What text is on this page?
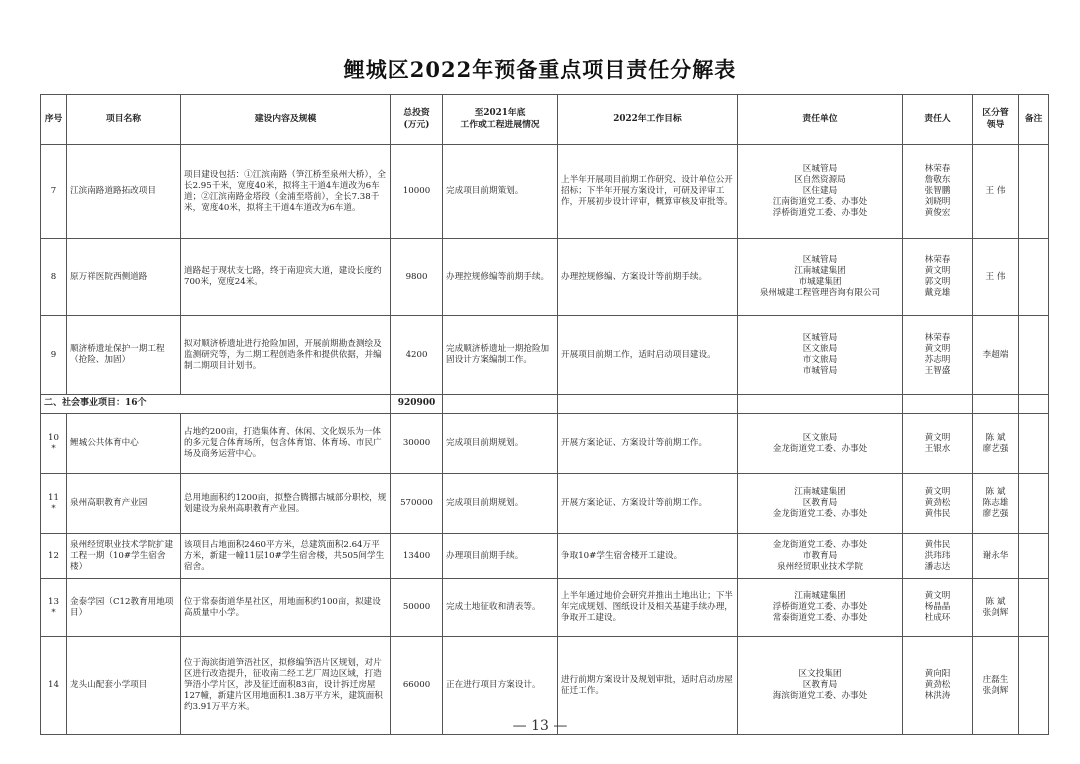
鲤城区2022年预备重点项目责任分解表
序号	项目名称	建设内容及规模	总投资
(万元)	至2021年底
工作或工程进展情况	2022年工作目标	责任单位	责任人	区分管
领导	备注

7	江滨南路道路拓改项目	项目建设包括：①江滨南路（笋江桥至泉州大桥），全长2.95千米，宽度40米，拟将主干道4车道改为6车道；②江滨南路金塔段（金浦至塔前），全长7.38千米，宽度40米，拟将主干道4车道改为6车道。	10000	完成项目前期策划。	上半年开展项目前期工作研究、设计单位公开招标；下半年开展方案设计，可研及评审工作，开展初步设计评审，概算审核及审批等。	区城管局
区自然资源局
区住建局
江南街道党工委、办事处
浮桥街道党工委、办事处	林荣春
詹敬东
张智鹏
刘晓明
黄俊宏	王 伟	

8	原万祥医院西侧道路	道路起于现状支七路，终于南迎宾大道，建设长度约700米，宽度24米。	9800	办理控规修编等前期手续。	办理控规修编、方案设计等前期手续。	区城管局
江南城建集团
市城建集团
泉州城建工程管理咨询有限公司	林荣春
黄文明
郭文明
戴竞雄	王 伟	

9	顺济桥遗址保护一期工程（抢险、加固）	拟对顺济桥遗址进行抢险加固，开展前期勘查测绘及监测研究等，为二期工程创造条件和提供依据，并编制二期项目计划书。	4200	完成顺济桥遗址一期抢险加固设计方案编制工作。	开展项目前期工作，适时启动项目建设。	区城管局
区文旅局
市文旅局
市城管局	林荣春
黄文明
苏志明
王智盛	李超端	
二、社会事业项目：16个			920900						

10
*	鲤城公共体育中心	占地约200亩，打造集体育、休闲、文化娱乐为一体的多元复合体育场所，包含体育馆、体育场、市民广场及商务运营中心。	30000	完成项目前期规划。	开展方案论证、方案设计等前期工作。	区文旅局
金龙街道党工委、办事处	黄文明
王银水	陈 斌
廖艺强	

11
*	泉州高职教育产业园	总用地面积约1200亩，拟整合腾挪古城部分职校，规划建设为泉州高职教育产业园。	570000	完成项目前期规划。	开展方案论证、方案设计等前期工作。	江南城建集团
区教育局
金龙街道党工委、办事处	黄文明
黄劲松
黄伟民	陈 斌
陈志雄
廖艺强	

12	泉州经贸职业技术学院扩建工程一期（10#学生宿舍楼）	该项目占地面积2460平方米，总建筑面积2.64万平方米，新建一幢11层10#学生宿舍楼，共505间学生宿舍。	13400	办理项目前期手续。	争取10#学生宿舍楼开工建设。	金龙街道党工委、办事处
市教育局
泉州经贸职业技术学院	黄伟民
洪玮玮
潘志达	谢永华	

13
*	金泰学园（C12教育用地项目）	位于常泰街道华星社区，用地面积约100亩，拟建设高质量中小学。	50000	完成土地征收和清表等。	上半年通过地价会研究并推出土地出让；下半年完成规划、图纸设计及相关基建手续办理，争取开工建设。	江南城建集团
浮桥街道党工委、办事处
常泰街道党工委、办事处	黄文明
杨晶晶
杜成环	陈 斌
张剑辉	

14	龙头山配套小学项目	位于海滨街道笋浯社区，拟修编笋浯片区规划，对片区进行改造提升，征收南二经工艺厂周边区域，打造笋浯小学片区，涉及征迁面积83亩，设计拆迁房屋127幢，新建片区用地面积1.38万平方米，建筑面积约3.91万平方米。	66000	正在进行项目方案设计。	进行前期方案设计及规划审批，适时启动房屋征迁工作。	区文投集团
区教育局
海滨街道党工委、办事处	黄向阳
黄劲松
林洪涛	庄磊生
张剑辉	

— 13 —
